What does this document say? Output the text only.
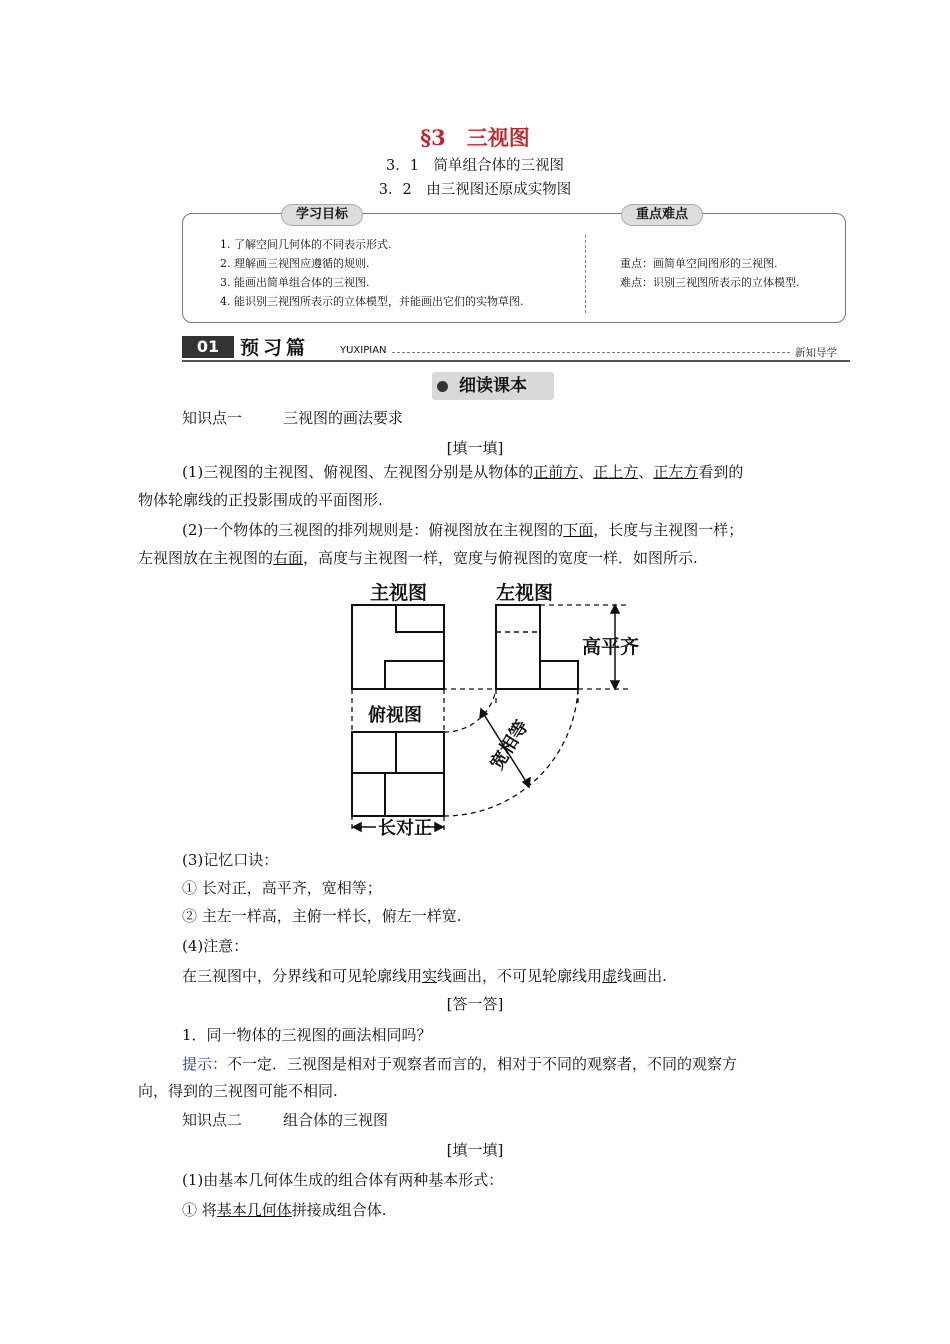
§3　三视图
3．1　简单组合体的三视图
3．2　由三视图还原成实物图
学习目标	重点难点
1. 了解空间几何体的不同表示形式.
2. 理解画三视图应遵循的规则.
3. 能画出简单组合体的三视图.
4. 能识别三视图所表示的立体模型，并能画出它们的实物草图.
重点：画简单空间图形的三视图.
难点：识别三视图所表示的立体模型.
01	预习篇	YUXIPIAN	新知导学
细读课本
知识点一	三视图的画法要求
[填一填]
(1)三视图的主视图、俯视图、左视图分别是从物体的正前方、正上方、正左方看到的
物体轮廓线的正投影围成的平面图形.
(2)一个物体的三视图的排列规则是：俯视图放在主视图的下面，长度与主视图一样；
左视图放在主视图的右面，高度与主视图一样，宽度与俯视图的宽度一样．如图所示.
主视图	左视图
高平齐
俯视图
宽相等
长对正
(3)记忆口诀：
① 长对正，高平齐，宽相等；
② 主左一样高，主俯一样长，俯左一样宽.
(4)注意：
在三视图中，分界线和可见轮廓线用实线画出，不可见轮廓线用虚线画出.
[答一答]
1．同一物体的三视图的画法相同吗？
提示：不一定．三视图是相对于观察者而言的，相对于不同的观察者，不同的观察方
向，得到的三视图可能不相同.
知识点二	组合体的三视图
[填一填]
(1)由基本几何体生成的组合体有两种基本形式：
① 将基本几何体拼接成组合体.
